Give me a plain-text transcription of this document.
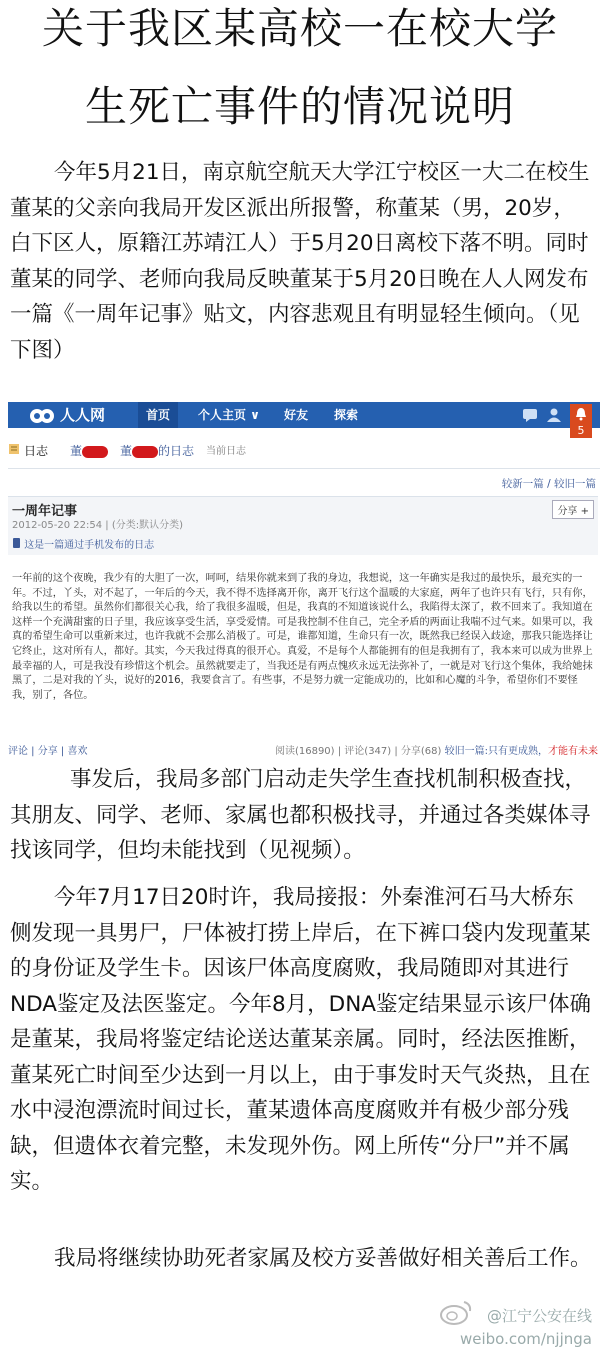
关于我区某高校一在校大学
生死亡事件的情况说明

今年5月21日，南京航空航天大学江宁校区一大二在校生董某的父亲向我局开发区派出所报警，称董某（男，20岁，白下区人，原籍江苏靖江人）于5月20日离校下落不明。同时董某的同学、老师向我局反映董某于5月20日晚在人人网发布一篇《一周年记事》贴文，内容悲观且有明显轻生倾向。（见下图）

人人网	首页	个人主页 ∨	好友	探索
5
日志 董	董 的日志 当前日志
较新一篇 / 较旧一篇
一周年记事
2012-05-20 22:54 | (分类:默认分类)
这是一篇通过手机发布的日志
分享 +

一年前的这个夜晚，我少有的大胆了一次，呵呵，结果你就来到了我的身边，我想说，这一年确实是我过的最快乐，最充实的一年。不过，丫头，对不起了，一年后的今天，我不得不选择离开你，离开飞行这个温暖的大家庭，两年了也许只有飞行，只有你，给我以生的希望。虽然你们都很关心我，给了我很多温暖，但是，我真的不知道该说什么，我陷得太深了，救不回来了。我知道在这样一个充满甜蜜的日子里，我应该享受生活，享受爱情。可是我控制不住自己，完全矛盾的两面让我喘不过气来。如果可以，我真的希望生命可以重新来过，也许我就不会那么消极了。可是，谁都知道，生命只有一次，既然我已经误入歧途，那我只能选择让它终止，这对所有人，都好。其实，今天我过得真的很开心。真爱，不是每个人都能拥有的但是我拥有了，我本来可以成为世界上最幸福的人，可是我没有珍惜这个机会。虽然就要走了，当我还是有两点愧疚永远无法弥补了，一就是对飞行这个集体，我给她抹黑了，二是对我的丫头，说好的2016，我要食言了。有些事，不是努力就一定能成功的，比如和心魔的斗争，希望你们不要怪我，别了，各位。

评论 | 分享 | 喜欢	阅读(16890) | 评论(347) | 分享(68) 较旧一篇:只有更成熟，才能有未来

事发后，我局多部门启动走失学生查找机制积极查找，其朋友、同学、老师、家属也都积极找寻，并通过各类媒体寻找该同学，但均未能找到（见视频）。

今年7月17日20时许，我局接报：外秦淮河石马大桥东侧发现一具男尸，尸体被打捞上岸后，在下裤口袋内发现董某的身份证及学生卡。因该尸体高度腐败，我局随即对其进行NDA鉴定及法医鉴定。今年8月，DNA鉴定结果显示该尸体确是董某，我局将鉴定结论送达董某亲属。同时，经法医推断，董某死亡时间至少达到一月以上，由于事发时天气炎热，且在水中浸泡漂流时间过长，董某遗体高度腐败并有极少部分残缺，但遗体衣着完整，未发现外伤。网上所传“分尸”并不属实。

我局将继续协助死者家属及校方妥善做好相关善后工作。

@江宁公安在线
weibo.com/njjnga
